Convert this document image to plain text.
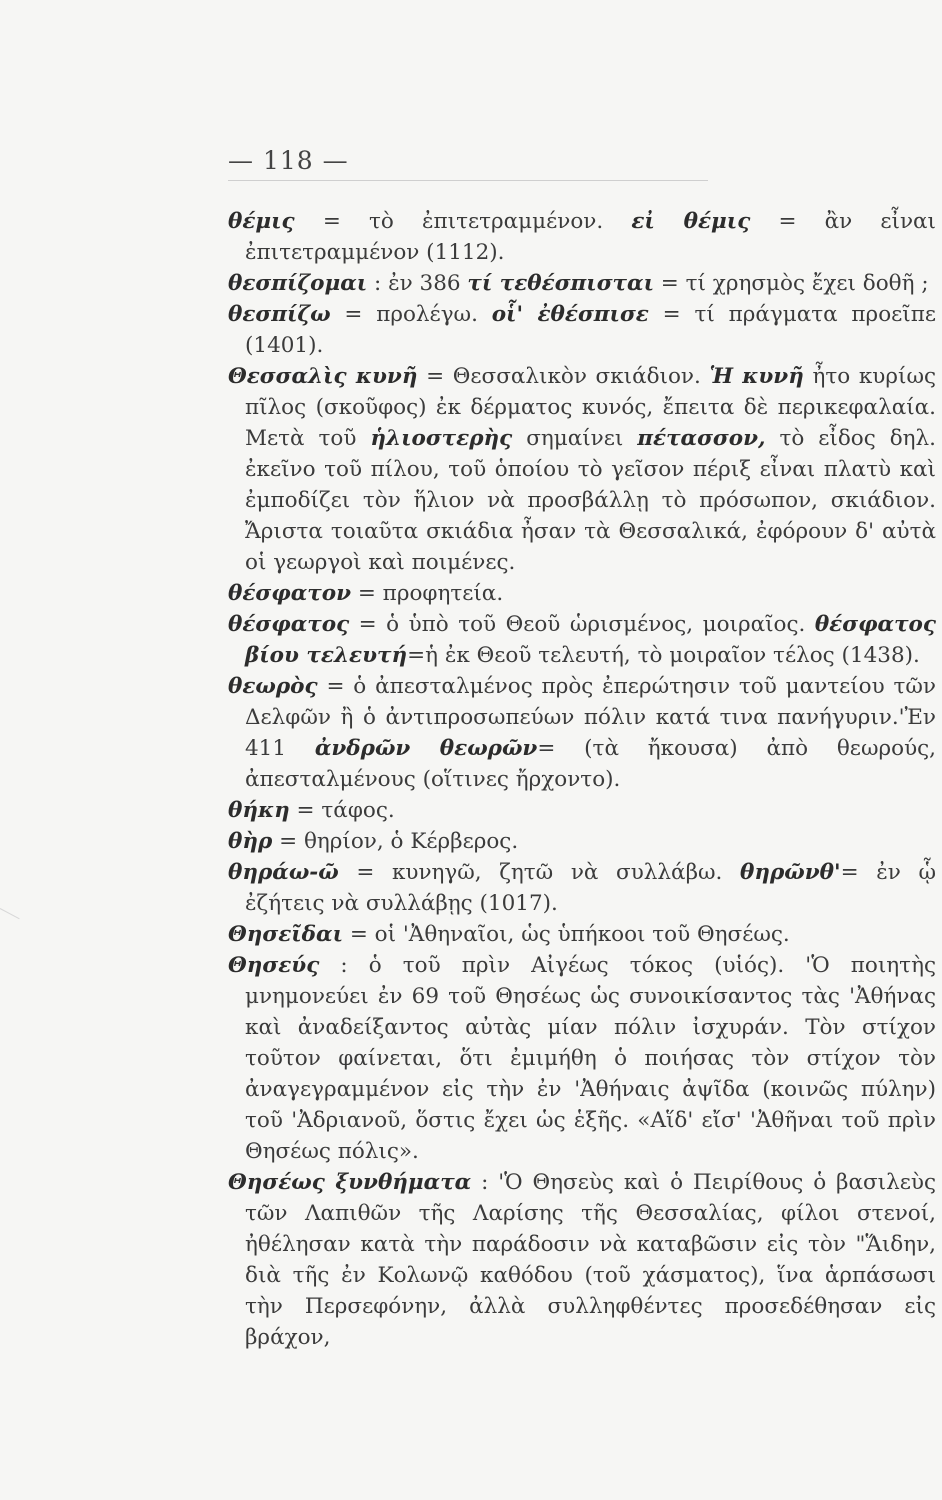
— 118 —

θέμις = τὸ ἐπιτετραμμένον. εἰ θέμις = ἂν εἶναι ἐπιτετραμμένον (1112).

θεσπίζομαι : ἐν 386 τί τεθέσπισται = τί χρησμὸς ἔχει δοθῆ ;

θεσπίζω = προλέγω. οἷ' ἐθέσπισε = τί πράγματα προεῖπε (1401).

Θεσσαλὶς κυνῆ = Θεσσαλικὸν σκιάδιον. Ἡ κυνῆ ἦτο κυρίως πῖλος (σκοῦφος) ἐκ δέρματος κυνός, ἔπειτα δὲ περικεφαλαία. Μετὰ τοῦ ἡλιοστερὴς σημαίνει πέτασσον, τὸ εἶδος δηλ. ἐκεῖνο τοῦ πίλου, τοῦ ὁποίου τὸ γεῖσον πέριξ εἶναι πλατὺ καὶ ἐμποδίζει τὸν ἥλιον νὰ προσβάλλῃ τὸ πρόσωπον, σκιάδιον. Ἄριστα τοιαῦτα σκιάδια ἦσαν τὰ Θεσσαλικά, ἐφόρουν δ' αὐτὰ οἱ γεωργοὶ καὶ ποιμένες.

θέσφατον = προφητεία.

θέσφατος = ὁ ὑπὸ τοῦ Θεοῦ ὡρισμένος, μοιραῖος. θέσφατος βίου τελευτή=ἡ ἐκ Θεοῦ τελευτή, τὸ μοιραῖον τέλος (1438).

θεωρὸς = ὁ ἀπεσταλμένος πρὸς ἐπερώτησιν τοῦ μαντείου τῶν Δελφῶν ἢ ὁ ἀντιπροσωπεύων πόλιν κατά τινα πανήγυριν.'Ἐν 411 ἀνδρῶν θεωρῶν= (τὰ ἤκουσα) ἀπὸ θεωρούς, ἀπεσταλμένους (οἵτινες ἤρχοντο).

θήκη = τάφος.

θὴρ = θηρίον, ὁ Κέρβερος.

θηράω-ῶ = κυνηγῶ, ζητῶ νὰ συλλάβω. θηρῶνθ'= ἐν ᾧ ἐζήτεις νὰ συλλάβῃς (1017).

Θησεῖδαι = οἱ 'Ἀθηναῖοι, ὡς ὑπήκοοι τοῦ Θησέως.

Θησεύς : ὁ τοῦ πρὶν Αἰγέως τόκος (υἱός). 'Ὁ ποιητὴς μνημονεύει ἐν 69 τοῦ Θησέως ὡς συνοικίσαντος τὰς 'Ἀθήνας καὶ ἀναδείξαντος αὐτὰς μίαν πόλιν ἰσχυράν. Τὸν στίχον τοῦτον φαίνεται, ὅτι ἐμιμήθη ὁ ποιήσας τὸν στίχον τὸν ἀναγεγραμμένον εἰς τὴν ἐν 'Ἀθήναις ἀψῖδα (κοινῶς πύλην) τοῦ 'Ἀδριανοῦ, ὅστις ἔχει ὡς ἑξῆς. «Αἵδ' εἴσ' 'Ἀθῆναι τοῦ πρὶν Θησέως πόλις».

Θησέως ξυνθήματα : 'Ὁ Θησεὺς καὶ ὁ Πειρίθους ὁ βασιλεὺς τῶν Λαπιθῶν τῆς Λαρίσης τῆς Θεσσαλίας, φίλοι στενοί, ἠθέλησαν κατὰ τὴν παράδοσιν νὰ καταβῶσιν εἰς τὸν "Ἅιδην, διὰ τῆς ἐν Κολωνῷ καθόδου (τοῦ χάσματος), ἵνα ἁρπάσωσι τὴν Περσεφόνην, ἀλλὰ συλληφθέντες προσεδέθησαν εἰς βράχον,
